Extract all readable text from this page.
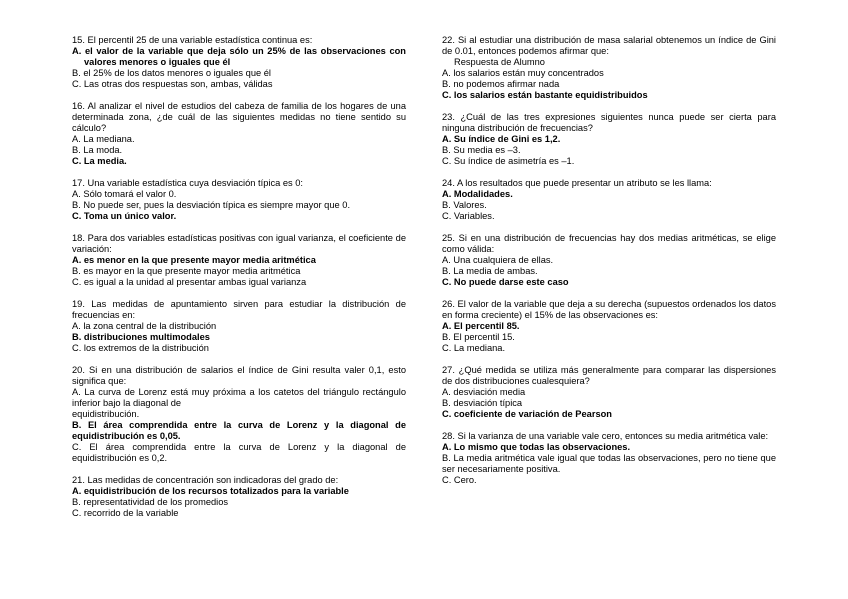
15. El percentil 25 de una variable estadística continua es:
A. el valor de la variable que deja sólo un 25% de las observaciones con valores menores o iguales que él
B. el 25% de los datos menores o iguales que él
C. Las otras dos respuestas son, ambas, válidas
16. Al analizar el nivel de estudios del cabeza de familia de los hogares de una determinada zona, ¿de cuál de las siguientes medidas no tiene sentido su cálculo?
A. La mediana.
B. La moda.
C. La media.
17. Una variable estadística cuya desviación típica es 0:
A. Sólo tomará el valor 0.
B. No puede ser, pues la desviación típica es siempre mayor que 0.
C. Toma un único valor.
18. Para dos variables estadísticas positivas con igual varianza, el coeficiente de variación:
A. es menor en la que presente mayor media aritmética
B. es mayor en la que presente mayor media aritmética
C. es igual a la unidad al presentar ambas igual varianza
19. Las medidas de apuntamiento sirven para estudiar la distribución de frecuencias en:
A. la zona central de la distribución
B. distribuciones multimodales
C. los extremos de la distribución
20. Si en una distribución de salarios el índice de Gini resulta valer 0,1, esto significa que:
A. La curva de Lorenz está muy próxima a los catetos del triángulo rectángulo inferior bajo la diagonal de
equidistribución.
B. El área comprendida entre la curva de Lorenz y la diagonal de equidistribución es 0,05.
C. El área comprendida entre la curva de Lorenz y la diagonal de equidistribución es 0,2.
21. Las medidas de concentración son indicadoras del grado de:
A. equidistribución de los recursos totalizados para la variable
B. representatividad de los promedios
C. recorrido de la variable
22. Si al estudiar una distribución de masa salarial obtenemos un índice de Gini de 0.01, entonces podemos afirmar que:
Respuesta de Alumno
A. los salarios están muy concentrados
B. no podemos afirmar nada
C. los salarios están bastante equidistribuidos
23. ¿Cuál de las tres expresiones siguientes nunca puede ser cierta para ninguna distribución de frecuencias?
A. Su índice de Gini es 1,2.
B. Su media es –3.
C. Su índice de asimetría es –1.
24. A los resultados que puede presentar un atributo se les llama:
A. Modalidades.
B. Valores.
C. Variables.
25. Si en una distribución de frecuencias hay dos medias aritméticas, se elige como válida:
A. Una cualquiera de ellas.
B. La media de ambas.
C. No puede darse este caso
26. El valor de la variable que deja a su derecha (supuestos ordenados los datos en forma creciente) el 15% de las observaciones es:
A. El percentil 85.
B. El percentil 15.
C. La mediana.
27. ¿Qué medida se utiliza más generalmente para comparar las dispersiones de dos distribuciones cualesquiera?
A. desviación media
B. desviación típica
C. coeficiente de variación de Pearson
28. Si la varianza de una variable vale cero, entonces su media aritmética vale:
A. Lo mismo que todas las observaciones.
B. La media aritmética vale igual que todas las observaciones, pero no tiene que ser necesariamente positiva.
C. Cero.
